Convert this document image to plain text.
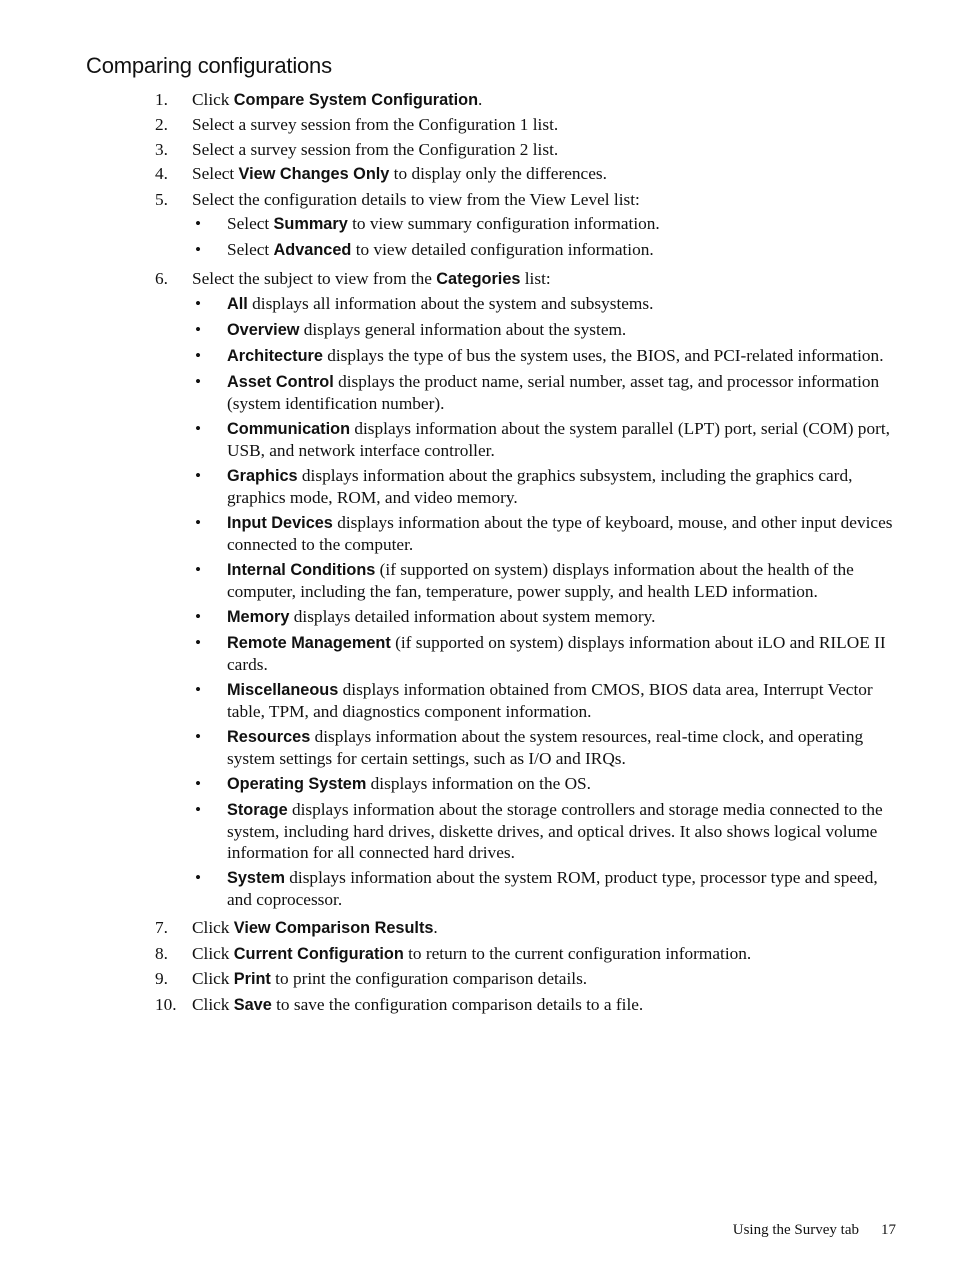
Comparing configurations
1.	Click Compare System Configuration.
2.	Select a survey session from the Configuration 1 list.
3.	Select a survey session from the Configuration 2 list.
4.	Select View Changes Only to display only the differences.
5.	Select the configuration details to view from the View Level list:
•	Select Summary to view summary configuration information.
•	Select Advanced to view detailed configuration information.
6.	Select the subject to view from the Categories list:
•	All displays all information about the system and subsystems.
•	Overview displays general information about the system.
•	Architecture displays the type of bus the system uses, the BIOS, and PCI-related information.
•	Asset Control displays the product name, serial number, asset tag, and processor information (system identification number).
•	Communication displays information about the system parallel (LPT) port, serial (COM) port, USB, and network interface controller.
•	Graphics displays information about the graphics subsystem, including the graphics card, graphics mode, ROM, and video memory.
•	Input Devices displays information about the type of keyboard, mouse, and other input devices connected to the computer.
•	Internal Conditions (if supported on system) displays information about the health of the computer, including the fan, temperature, power supply, and health LED information.
•	Memory displays detailed information about system memory.
•	Remote Management (if supported on system) displays information about iLO and RILOE II cards.
•	Miscellaneous displays information obtained from CMOS, BIOS data area, Interrupt Vector table, TPM, and diagnostics component information.
•	Resources displays information about the system resources, real-time clock, and operating system settings for certain settings, such as I/O and IRQs.
•	Operating System displays information on the OS.
•	Storage displays information about the storage controllers and storage media connected to the system, including hard drives, diskette drives, and optical drives. It also shows logical volume information for all connected hard drives.
•	System displays information about the system ROM, product type, processor type and speed, and coprocessor.
7.	Click View Comparison Results.
8.	Click Current Configuration to return to the current configuration information.
9.	Click Print to print the configuration comparison details.
10. Click Save to save the configuration comparison details to a file.
Using the Survey tab 17
